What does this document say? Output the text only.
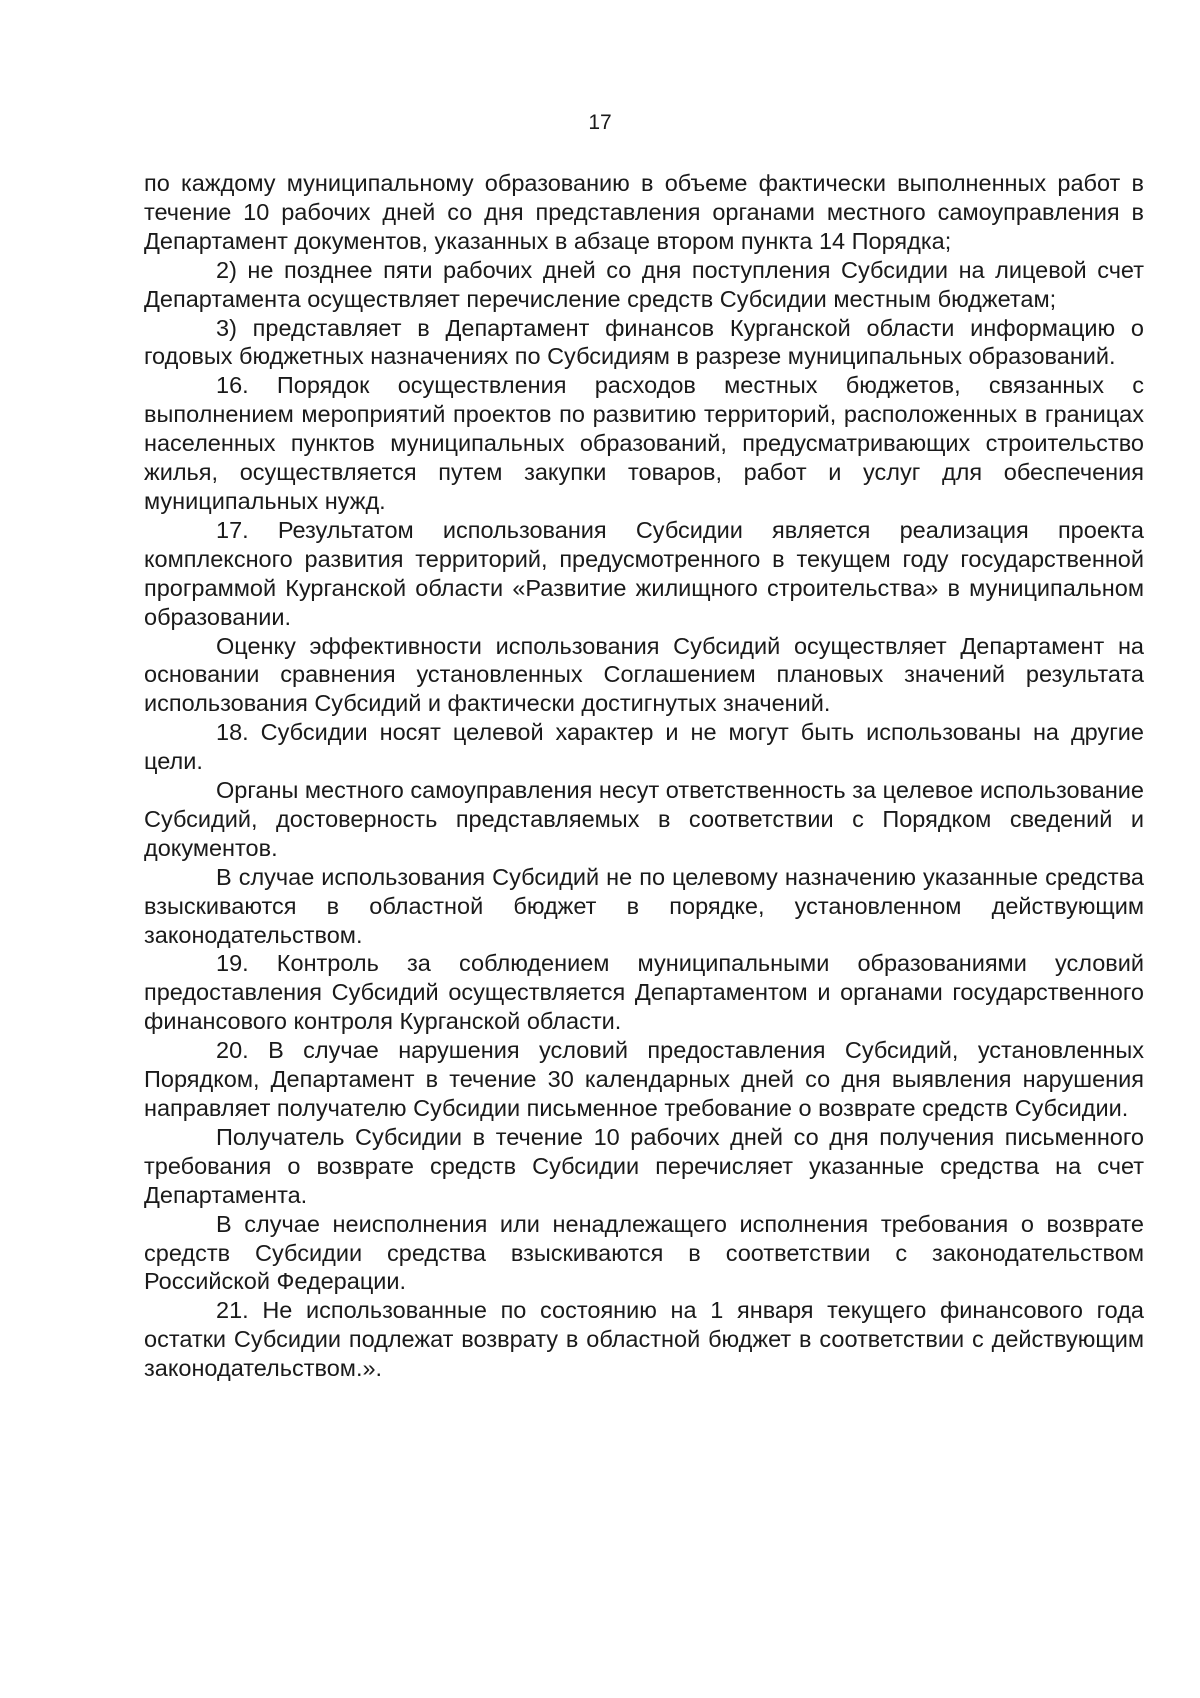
17

по каждому муниципальному образованию в объеме фактически выполненных работ в течение 10 рабочих дней со дня представления органами местного самоуправления в Департамент документов, указанных в абзаце втором пункта 14 Порядка;

2) не позднее пяти рабочих дней со дня поступления Субсидии на лицевой счет Департамента осуществляет перечисление средств Субсидии местным бюджетам;

3) представляет в Департамент финансов Курганской области информацию о годовых бюджетных назначениях по Субсидиям в разрезе муниципальных образований.

16. Порядок осуществления расходов местных бюджетов, связанных с выполнением мероприятий проектов по развитию территорий, расположенных в границах населенных пунктов муниципальных образований, предусматривающих строительство жилья, осуществляется путем закупки товаров, работ и услуг для обеспечения муниципальных нужд.

17. Результатом использования Субсидии является реализация проекта комплексного развития территорий, предусмотренного в текущем году государственной программой Курганской области «Развитие жилищного строительства» в муниципальном образовании.

Оценку эффективности использования Субсидий осуществляет Департамент на основании сравнения установленных Соглашением плановых значений результата использования Субсидий и фактически достигнутых значений.

18. Субсидии носят целевой характер и не могут быть использованы на другие цели.

Органы местного самоуправления несут ответственность за целевое использование Субсидий, достоверность представляемых в соответствии с Порядком сведений и документов.

В случае использования Субсидий не по целевому назначению указанные средства взыскиваются в областной бюджет в порядке, установленном действующим законодательством.

19. Контроль за соблюдением муниципальными образованиями условий предоставления Субсидий осуществляется Департаментом и органами государственного финансового контроля Курганской области.

20. В случае нарушения условий предоставления Субсидий, установленных Порядком, Департамент в течение 30 календарных дней со дня выявления нарушения направляет получателю Субсидии письменное требование о возврате средств Субсидии.

Получатель Субсидии в течение 10 рабочих дней со дня получения письменного требования о возврате средств Субсидии перечисляет указанные средства на счет Департамента.

В случае неисполнения или ненадлежащего исполнения требования о возврате средств Субсидии средства взыскиваются в соответствии с законодательством Российской Федерации.

21. Не использованные по состоянию на 1 января текущего финансового года остатки Субсидии подлежат возврату в областной бюджет в соответствии с действующим законодательством.».
